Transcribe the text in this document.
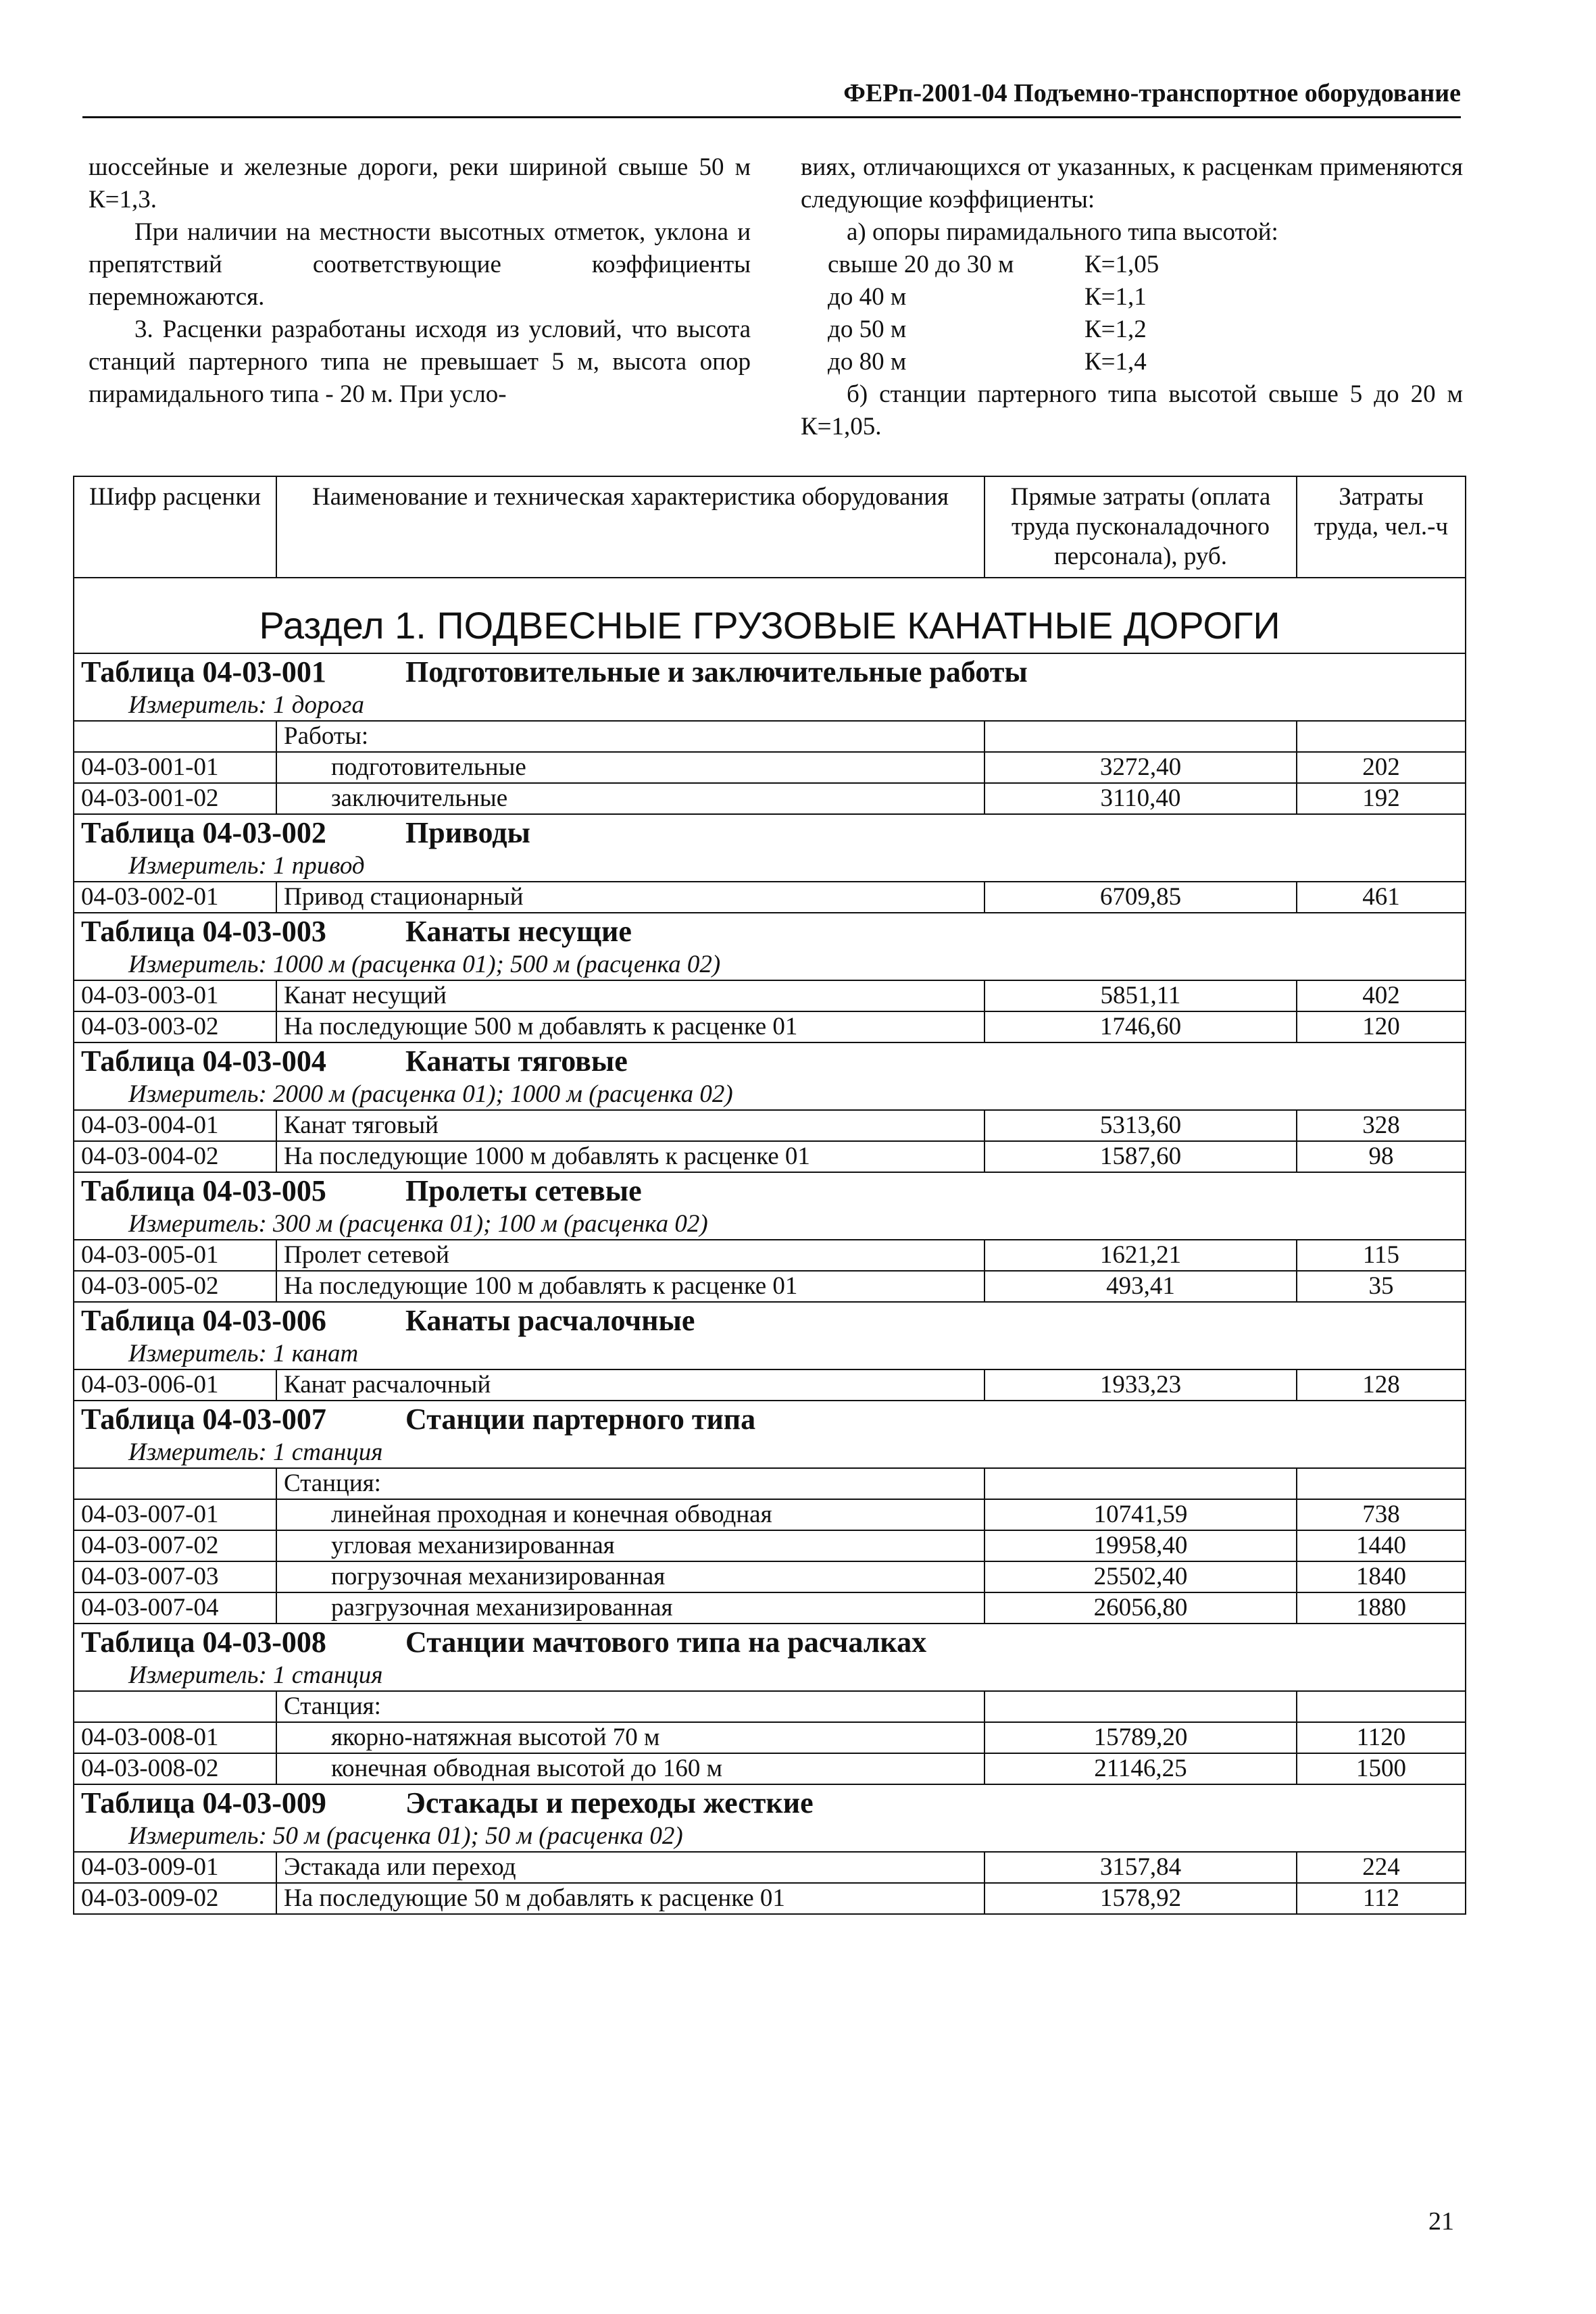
ФЕРп-2001-04 Подъемно-транспортное оборудование

шоссейные и железные дороги, реки шириной свыше 50 м К=1,3.

При наличии на местности высотных отметок, уклона и препятствий соответствующие коэффициенты перемножаются.

3. Расценки разработаны исходя из условий, что высота станций партерного типа не превышает 5 м, высота опор пирамидального типа - 20 м. При усло-

виях, отличающихся от указанных, к расценкам применяются следующие коэффициенты:

а) опоры пирамидального типа высотой:

свыше 20 до 30 м	К=1,05
до 40 м	К=1,1
до 50 м	К=1,2
до 80 м	К=1,4

б) станции партерного типа высотой свыше 5 до 20 м К=1,05.

Шифр расценки	Наименование и техническая характеристика оборудования	Прямые затраты (оплата труда пусконаладочного персонала), руб.	Затраты труда, чел.-ч
Раздел 1. ПОДВЕСНЫЕ ГРУЗОВЫЕ КАНАТНЫЕ ДОРОГИ			
Таблица 04-03-001 Подготовительные и заключительные работы			
Измеритель: 1 дорога			
	Работы:		
04-03-001-01	подготовительные	3272,40	202
04-03-001-02	заключительные	3110,40	192
Таблица 04-03-002 Приводы			
Измеритель: 1 привод			
04-03-002-01	Привод стационарный	6709,85	461
Таблица 04-03-003 Канаты несущие			
Измеритель: 1000 м (расценка 01); 500 м (расценка 02)			
04-03-003-01	Канат несущий	5851,11	402
04-03-003-02	На последующие 500 м добавлять к расценке 01	1746,60	120
Таблица 04-03-004 Канаты тяговые			
Измеритель: 2000 м (расценка 01); 1000 м (расценка 02)			
04-03-004-01	Канат тяговый	5313,60	328
04-03-004-02	На последующие 1000 м добавлять к расценке 01	1587,60	98
Таблица 04-03-005 Пролеты сетевые			
Измеритель: 300 м (расценка 01); 100 м (расценка 02)			
04-03-005-01	Пролет сетевой	1621,21	115
04-03-005-02	На последующие 100 м добавлять к расценке 01	493,41	35
Таблица 04-03-006 Канаты расчалочные			
Измеритель: 1 канат			
04-03-006-01	Канат расчалочный	1933,23	128
Таблица 04-03-007 Станции партерного типа			
Измеритель: 1 станция			
	Станция:		
04-03-007-01	линейная проходная и конечная обводная	10741,59	738
04-03-007-02	угловая механизированная	19958,40	1440
04-03-007-03	погрузочная механизированная	25502,40	1840
04-03-007-04	разгрузочная механизированная	26056,80	1880
Таблица 04-03-008 Станции мачтового типа на расчалках			
Измеритель: 1 станция			
	Станция:		
04-03-008-01	якорно-натяжная высотой 70 м	15789,20	1120
04-03-008-02	конечная обводная высотой до 160 м	21146,25	1500
Таблица 04-03-009 Эстакады и переходы жесткие			
Измеритель: 50 м (расценка 01); 50 м (расценка 02)			
04-03-009-01	Эстакада или переход	3157,84	224
04-03-009-02	На последующие 50 м добавлять к расценке 01	1578,92	112
21
